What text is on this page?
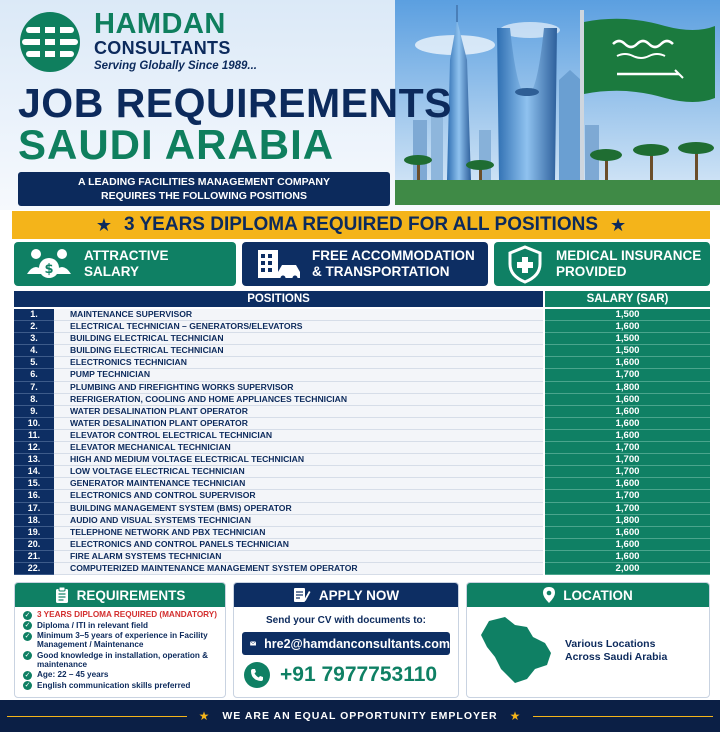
HAMDAN
CONSULTANTS
Serving Globally Since 1989...
JOB REQUIREMENTS
SAUDI ARABIA
A LEADING FACILITIES MANAGEMENT COMPANY
REQUIRES THE FOLLOWING POSITIONS
★ 3 YEARS DIPLOMA REQUIRED FOR ALL POSITIONS ★
$
ATTRACTIVE
SALARY
FREE ACCOMMODATION
& TRANSPORTATION
MEDICAL INSURANCE
PROVIDED
POSITIONS	SALARY (SAR)
1.	MAINTENANCE SUPERVISOR	1,500
2.	ELECTRICAL TECHNICIAN – GENERATORS/ELEVATORS	1,600
3.	BUILDING ELECTRICAL TECHNICIAN	1,500
4.	BUILDING ELECTRICAL TECHNICIAN	1,500
5.	ELECTRONICS TECHNICIAN	1,600
6.	PUMP TECHNICIAN	1,700
7.	PLUMBING AND FIREFIGHTING WORKS SUPERVISOR	1,800
8.	REFRIGERATION, COOLING AND HOME APPLIANCES TECHNICIAN	1,600
9.	WATER DESALINATION PLANT OPERATOR	1,600
10.	WATER DESALINATION PLANT OPERATOR	1,600
11.	ELEVATOR CONTROL ELECTRICAL TECHNICIAN	1,600
12.	ELEVATOR MECHANICAL TECHNICIAN	1,700
13.	HIGH AND MEDIUM VOLTAGE ELECTRICAL TECHNICIAN	1,700
14.	LOW VOLTAGE ELECTRICAL TECHNICIAN	1,700
15.	GENERATOR MAINTENANCE TECHNICIAN	1,600
16.	ELECTRONICS AND CONTROL SUPERVISOR	1,700
17.	BUILDING MANAGEMENT SYSTEM (BMS) OPERATOR	1,700
18.	AUDIO AND VISUAL SYSTEMS TECHNICIAN	1,800
19.	TELEPHONE NETWORK AND PBX TECHNICIAN	1,600
20.	ELECTRONICS AND CONTROL PANELS TECHNICIAN	1,600
21.	FIRE ALARM SYSTEMS TECHNICIAN	1,600
22.	COMPUTERIZED MAINTENANCE MANAGEMENT SYSTEM OPERATOR	2,000
REQUIREMENTS
✓ 3 YEARS DIPLOMA REQUIRED (MANDATORY)
✓ Diploma / ITI in relevant field
✓ Minimum 3–5 years of experience in Facility Management / Maintenance
✓ Good knowledge in installation, operation & maintenance
✓ Age: 22 – 45 years
✓ English communication skills preferred
APPLY NOW
Send your CV with documents to:
hre2@hamdanconsultants.com
+91 7977753110
LOCATION
Various Locations
Across Saudi Arabia
★ WE ARE AN EQUAL OPPORTUNITY EMPLOYER ★
